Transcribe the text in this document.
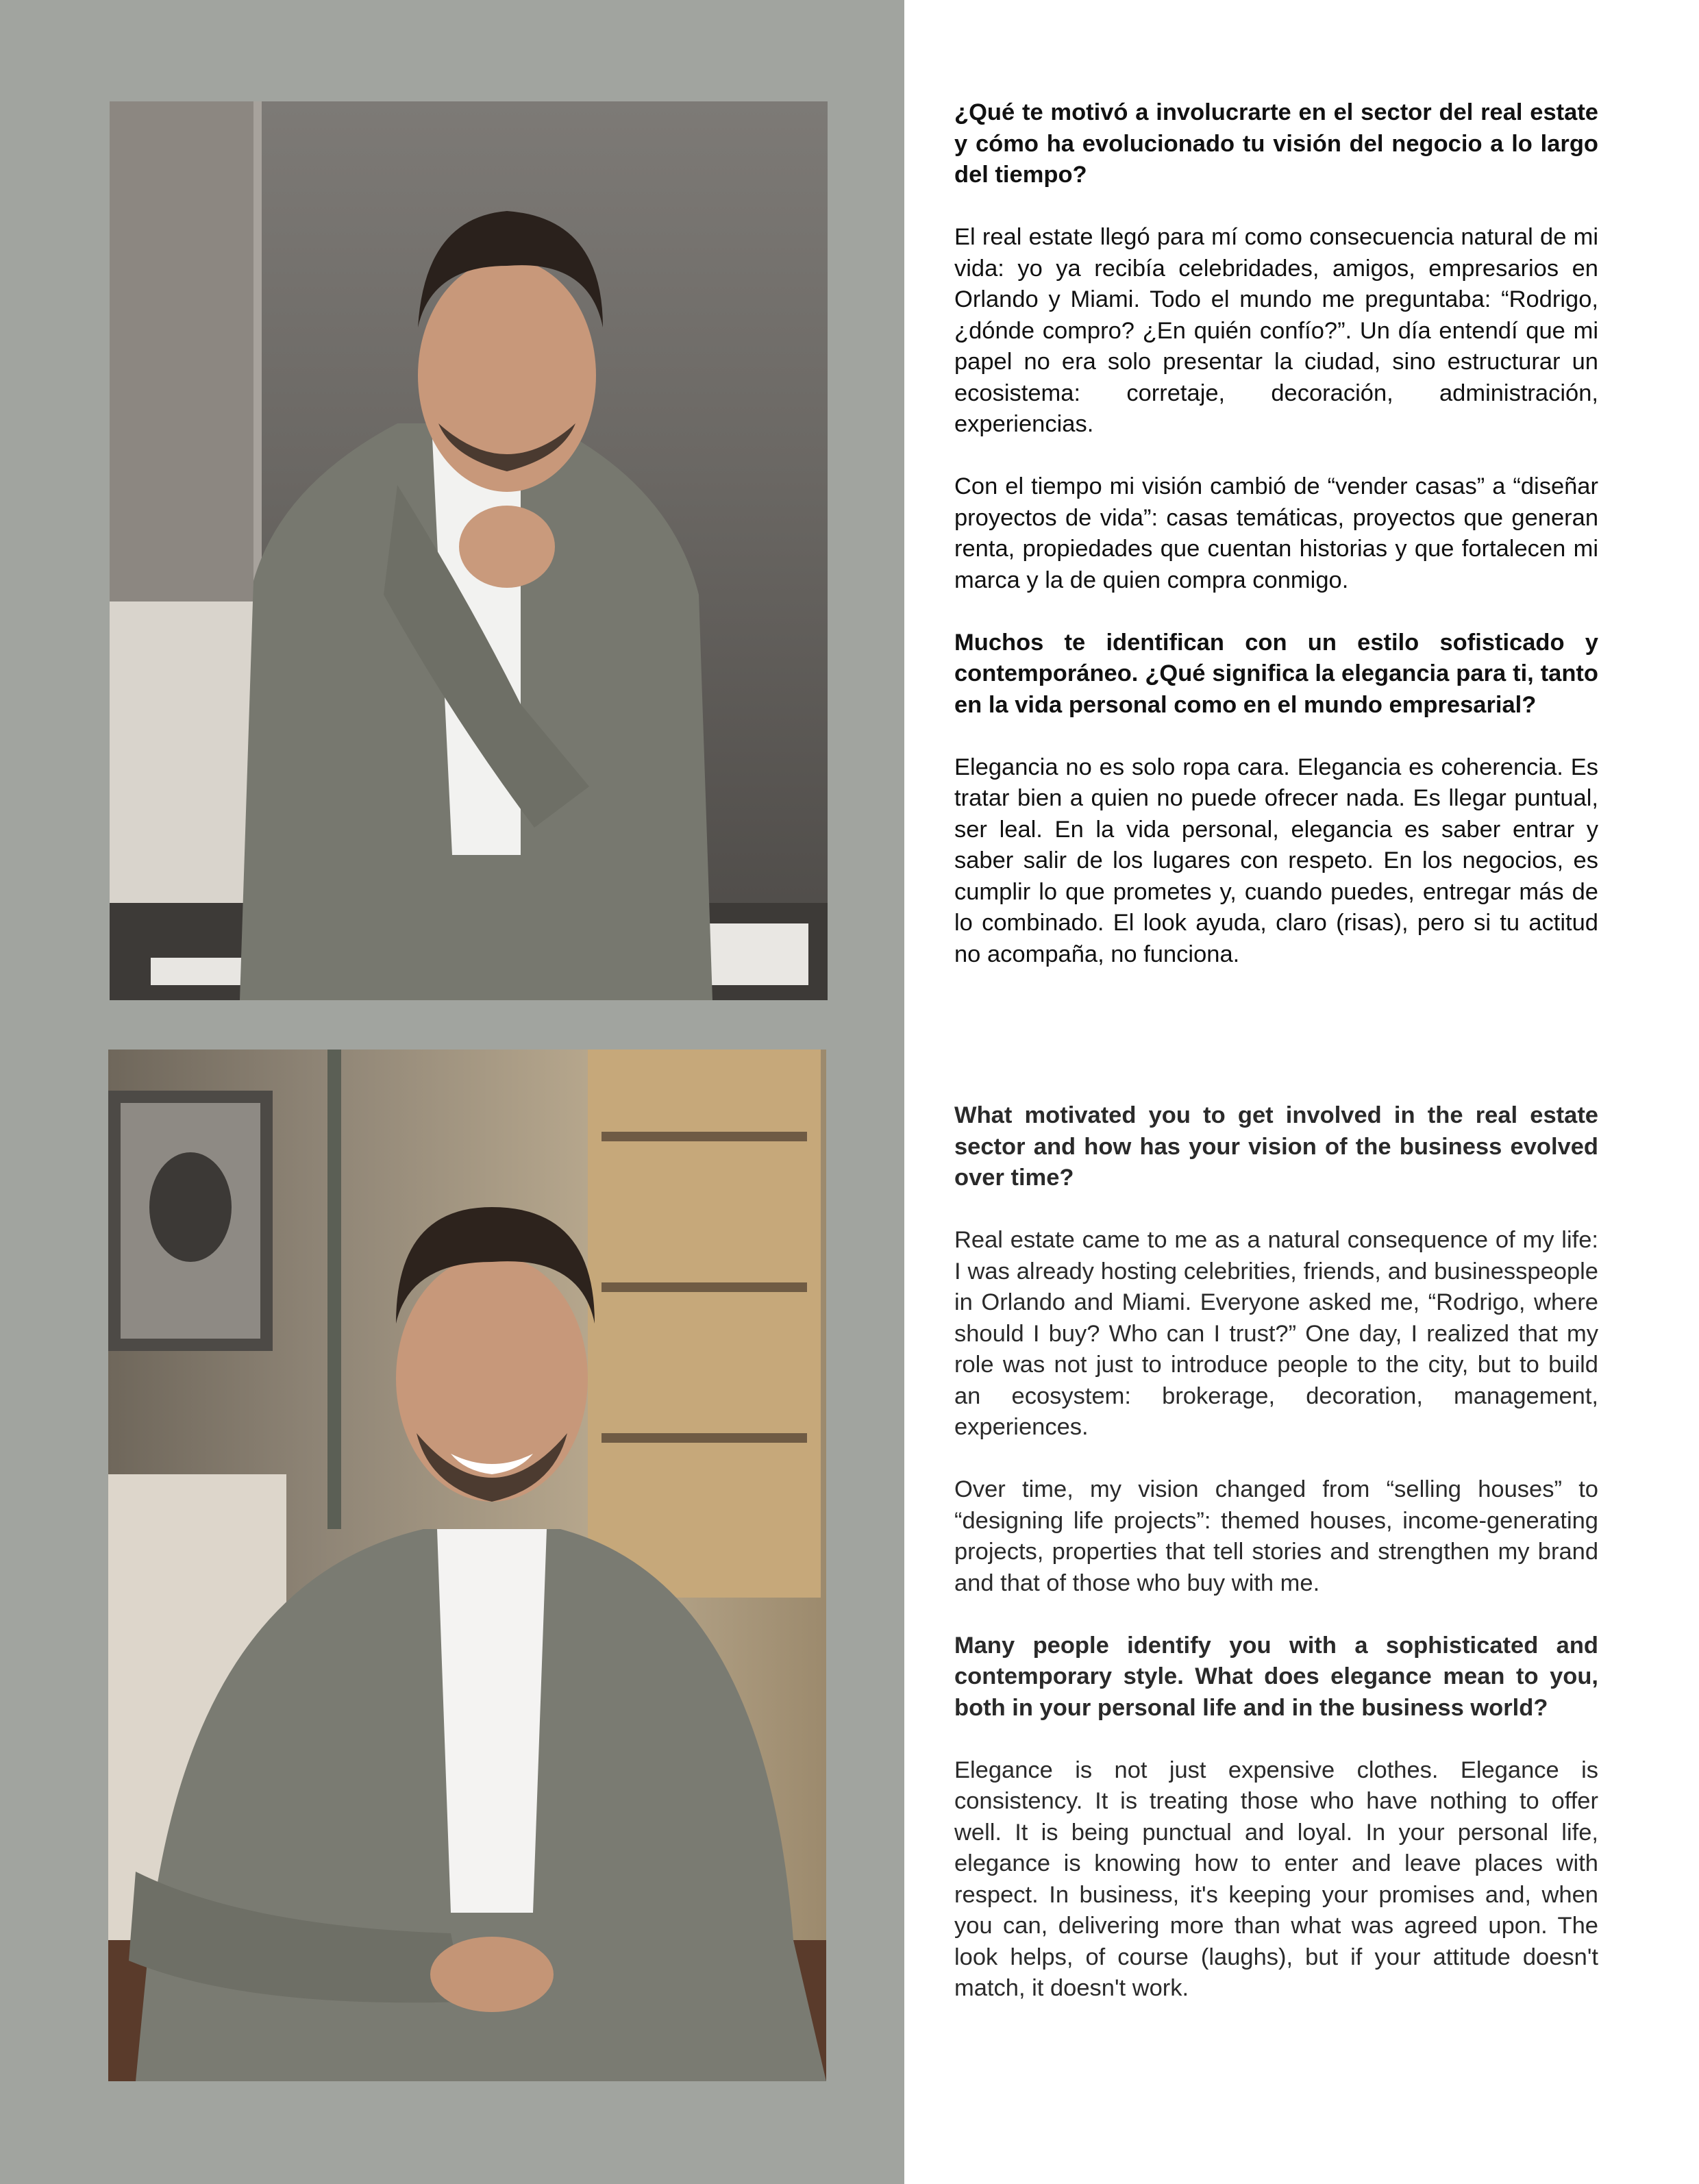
¿Qué te motivó a involucrarte en el sector del real estate y cómo ha evolucionado tu visión del negocio a lo largo del tiempo?

El real estate llegó para mí como consecuencia natural de mi vida: yo ya recibía celebridades, amigos, empresarios en Orlando y Miami. Todo el mundo me preguntaba: “Rodrigo, ¿dónde compro? ¿En quién confío?”. Un día entendí que mi papel no era solo presentar la ciudad, sino estructurar un ecosistema: corretaje, decoración, administración, experiencias.

Con el tiempo mi visión cambió de “vender casas” a “diseñar proyectos de vida”: casas temáticas, proyectos que generan renta, propiedades que cuentan historias y que fortalecen mi marca y la de quien compra conmigo.

Muchos te identifican con un estilo sofisticado y contemporáneo. ¿Qué significa la elegancia para ti, tanto en la vida personal como en el mundo empresarial?

Elegancia no es solo ropa cara. Elegancia es coherencia. Es tratar bien a quien no puede ofrecer nada. Es llegar puntual, ser leal. En la vida personal, elegancia es saber entrar y saber salir de los lugares con respeto. En los negocios, es cumplir lo que prometes y, cuando puedes, entregar más de lo combinado. El look ayuda, claro (risas), pero si tu actitud no acompaña, no funciona.

What motivated you to get involved in the real estate sector and how has your vision of the business evolved over time?

Real estate came to me as a natural consequence of my life: I was already hosting celebrities, friends, and businesspeople in Orlando and Miami. Everyone asked me, “Rodrigo, where should I buy? Who can I trust?” One day, I realized that my role was not just to introduce people to the city, but to build an ecosystem: brokerage, decoration, management, experiences.

Over time, my vision changed from “selling houses” to “designing life projects”: themed houses, income-generating projects, properties that tell stories and strengthen my brand and that of those who buy with me.

Many people identify you with a sophisticated and contemporary style. What does elegance mean to you, both in your personal life and in the business world?

Elegance is not just expensive clothes. Elegance is consistency. It is treating those who have nothing to offer well. It is being punctual and loyal. In your personal life, elegance is knowing how to enter and leave places with respect. In business, it's keeping your promises and, when you can, delivering more than what was agreed upon. The look helps, of course (laughs), but if your attitude doesn't match, it doesn't work.
